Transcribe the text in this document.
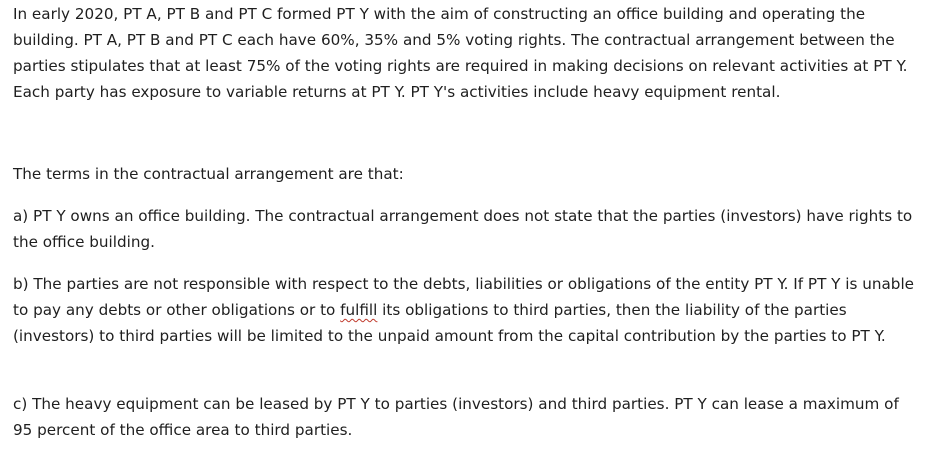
In early 2020, PT A, PT B and PT C formed PT Y with the aim of constructing an office building and operating the building. PT A, PT B and PT C each have 60%, 35% and 5% voting rights. The contractual arrangement between the parties stipulates that at least 75% of the voting rights are required in making decisions on relevant activities at PT Y. Each party has exposure to variable returns at PT Y. PT Y's activities include heavy equipment rental.

The terms in the contractual arrangement are that:

a) PT Y owns an office building. The contractual arrangement does not state that the parties (investors) have rights to the office building.

b) The parties are not responsible with respect to the debts, liabilities or obligations of the entity PT Y. If PT Y is unable to pay any debts or other obligations or to fulfill its obligations to third parties, then the liability of the parties (investors) to third parties will be limited to the unpaid amount from the capital contribution by the parties to PT Y.

c) The heavy equipment can be leased by PT Y to parties (investors) and third parties. PT Y can lease a maximum of 95 percent of the office area to third parties.
